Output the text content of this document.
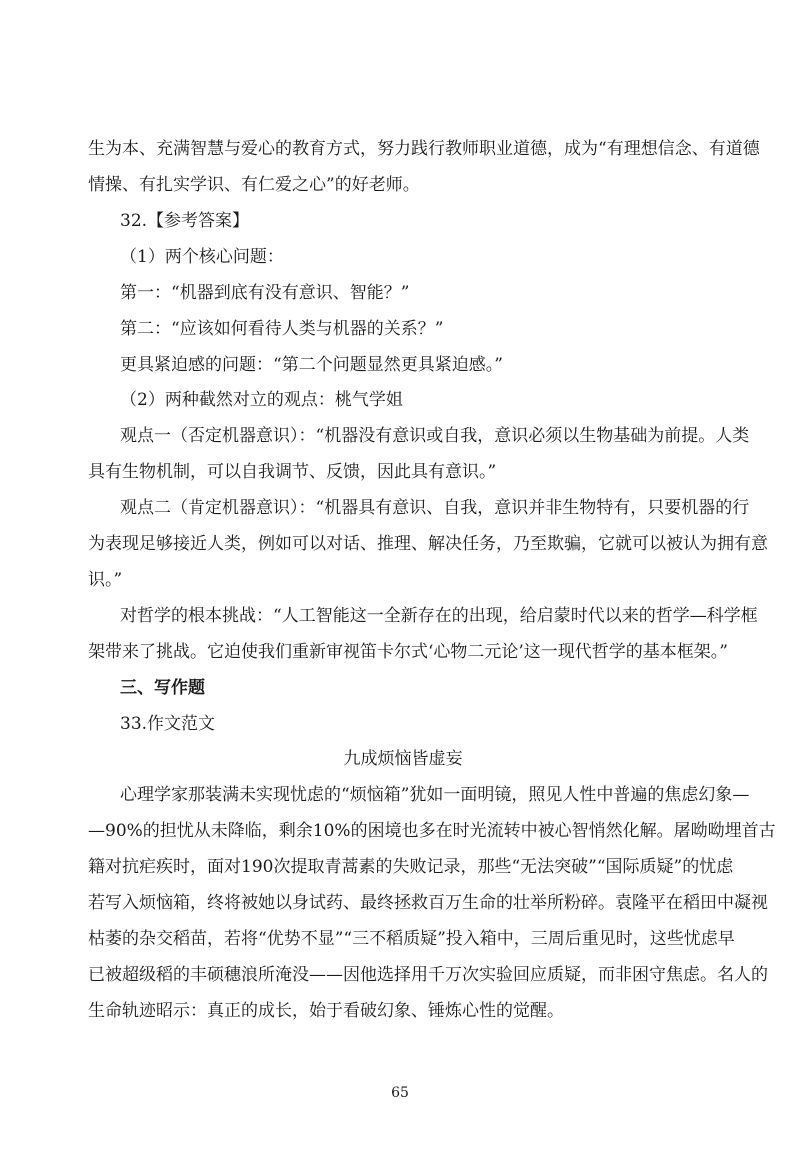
生为本、充满智慧与爱心的教育方式，努力践行教师职业道德，成为“有理想信念、有道德
情操、有扎实学识、有仁爱之心”的好老师。
32.【参考答案】
（1）两个核心问题：
第一：“机器到底有没有意识、智能？”
第二：“应该如何看待人类与机器的关系？”
更具紧迫感的问题：“第二个问题显然更具紧迫感。”
（2）两种截然对立的观点：桃气学姐
观点一（否定机器意识）：“机器没有意识或自我，意识必须以生物基础为前提。人类
具有生物机制，可以自我调节、反馈，因此具有意识。”
观点二（肯定机器意识）：“机器具有意识、自我，意识并非生物特有，只要机器的行
为表现足够接近人类，例如可以对话、推理、解决任务，乃至欺骗，它就可以被认为拥有意
识。”
对哲学的根本挑战：“人工智能这一全新存在的出现，给启蒙时代以来的哲学—科学框
架带来了挑战。它迫使我们重新审视笛卡尔式‘心物二元论’这一现代哲学的基本框架。”
三、写作题
33.作文范文
九成烦恼皆虚妄
心理学家那装满未实现忧虑的“烦恼箱”犹如一面明镜，照见人性中普遍的焦虑幻象—
—90%的担忧从未降临，剩余10%的困境也多在时光流转中被心智悄然化解。屠呦呦埋首古
籍对抗疟疾时，面对190次提取青蒿素的失败记录，那些“无法突破”“国际质疑”的忧虑
若写入烦恼箱，终将被她以身试药、最终拯救百万生命的壮举所粉碎。袁隆平在稻田中凝视
枯萎的杂交稻苗，若将“优势不显”“三不稻质疑”投入箱中，三周后重见时，这些忧虑早
已被超级稻的丰硕穗浪所淹没——因他选择用千万次实验回应质疑，而非困守焦虑。名人的
生命轨迹昭示：真正的成长，始于看破幻象、锤炼心性的觉醒。
65
